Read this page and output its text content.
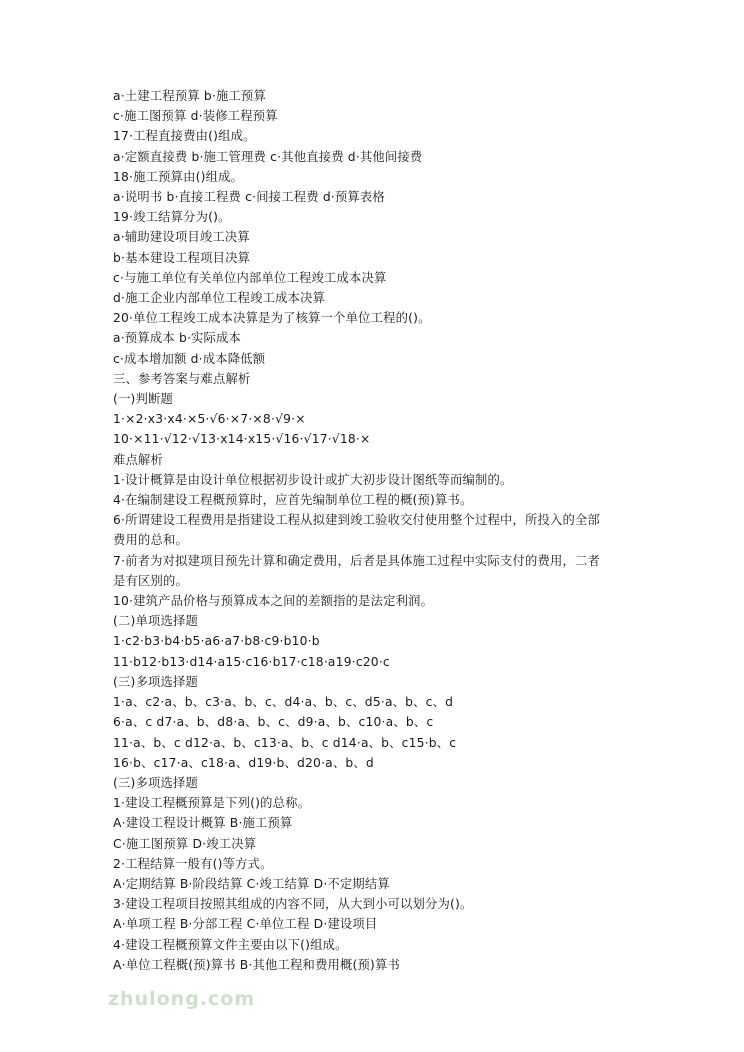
a·土建工程预算 b·施工预算
c·施工图预算 d·装修工程预算
17·工程直接费由()组成。
a·定额直接费 b·施工管理费 c·其他直接费 d·其他间接费
18·施工预算由()组成。
a·说明书 b·直接工程费 c·间接工程费 d·预算表格
19·竣工结算分为()。
a·辅助建设项目竣工决算
b·基本建设工程项目决算
c·与施工单位有关单位内部单位工程竣工成本决算
d·施工企业内部单位工程竣工成本决算
20·单位工程竣工成本决算是为了核算一个单位工程的()。
a·预算成本 b·实际成本
c·成本增加额 d·成本降低额
三、参考答案与难点解析
(一)判断题
1·×2·x3·x4·×5·√6·×7·×8·√9·×
10·×11·√12·√13·x14·x15·√16·√17·√18·×
难点解析
1·设计概算是由设计单位根据初步设计或扩大初步设计图纸等而编制的。
4·在编制建设工程概预算时，应首先编制单位工程的概(预)算书。
6·所谓建设工程费用是指建设工程从拟建到竣工验收交付使用整个过程中，所投入的全部
费用的总和。
7·前者为对拟建项目预先计算和确定费用，后者是具体施工过程中实际支付的费用，二者
是有区别的。
10·建筑产品价格与预算成本之间的差额指的是法定利润。
(二)单项选择题
1·c2·b3·b4·b5·a6·a7·b8·c9·b10·b
11·b12·b13·d14·a15·c16·b17·c18·a19·c20·c
(三)多项选择题
1·a、c2·a、b、c3·a、b、c、d4·a、b、c、d5·a、b、c、d
6·a、c d7·a、b、d8·a、b、c、d9·a、b、c10·a、b、c
11·a、b、c d12·a、b、c13·a、b、c d14·a、b、c15·b、c
16·b、c17·a、c18·a、d19·b、d20·a、b、d
(三)多项选择题
1·建设工程概预算是下列()的总称。
A·建设工程设计概算 B·施工预算
C·施工图预算 D·竣工决算
2·工程结算一般有()等方式。
A·定期结算 B·阶段结算 C·竣工结算 D·不定期结算
3·建设工程项目按照其组成的内容不同，从大到小可以划分为()。
A·单项工程 B·分部工程 C·单位工程 D·建设项目
4·建设工程概预算文件主要由以下()组成。
A·单位工程概(预)算书 B·其他工程和费用概(预)算书
zhulong.com
